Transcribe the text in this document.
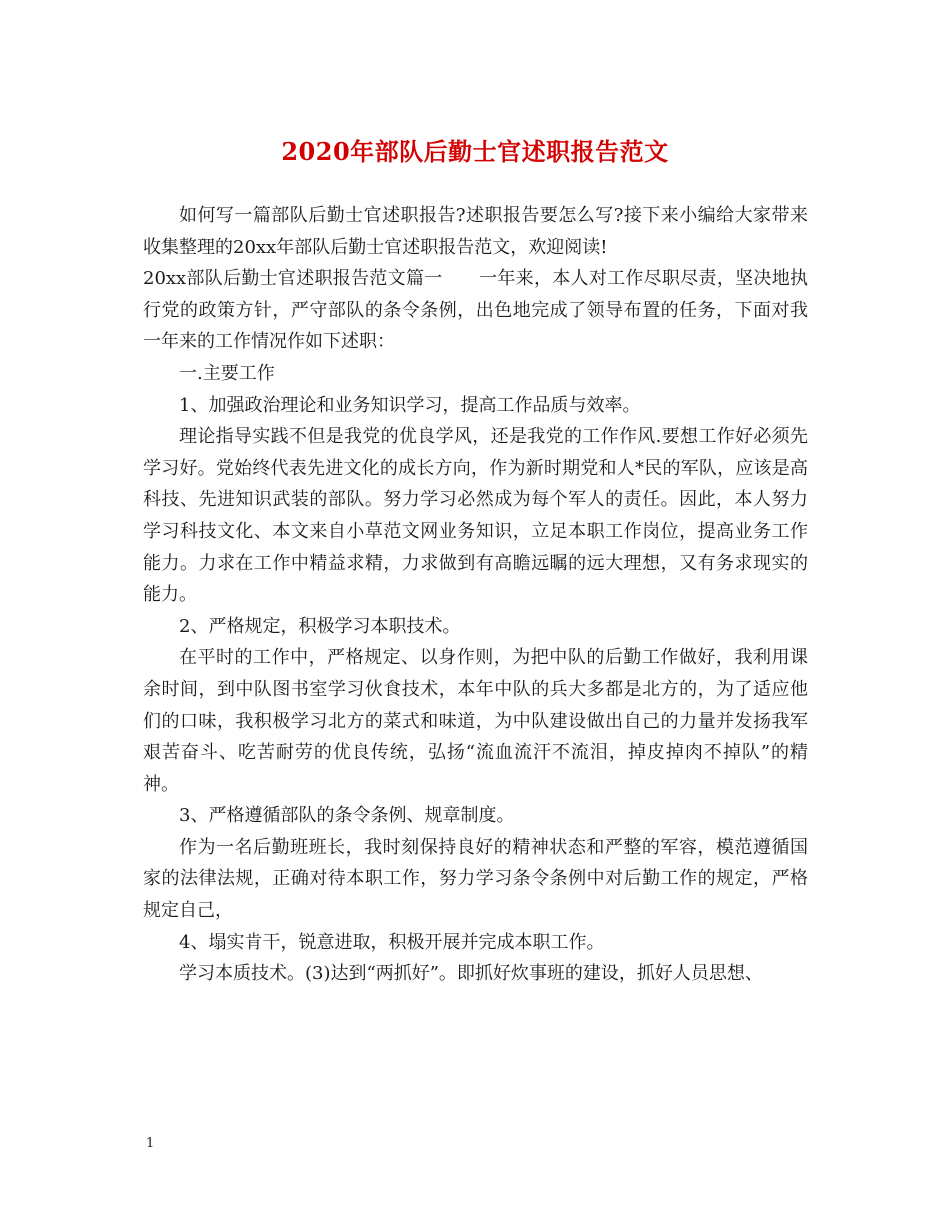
2020年部队后勤士官述职报告范文

如何写一篇部队后勤士官述职报告?述职报告要怎么写?接下来小编给大家带来收集整理的20xx年部队后勤士官述职报告范文，欢迎阅读!

20xx部队后勤士官述职报告范文篇一　　一年来，本人对工作尽职尽责，坚决地执行党的政策方针，严守部队的条令条例，出色地完成了领导布置的任务，下面对我一年来的工作情况作如下述职：

一.主要工作

1、加强政治理论和业务知识学习，提高工作品质与效率。

理论指导实践不但是我党的优良学风，还是我党的工作作风.要想工作好必须先学习好。党始终代表先进文化的成长方向，作为新时期党和人*民的军队，应该是高科技、先进知识武装的部队。努力学习必然成为每个军人的责任。因此，本人努力学习科技文化、本文来自小草范文网业务知识，立足本职工作岗位，提高业务工作能力。力求在工作中精益求精，力求做到有高瞻远瞩的远大理想，又有务求现实的能力。

2、严格规定，积极学习本职技术。

在平时的工作中，严格规定、以身作则，为把中队的后勤工作做好，我利用课余时间，到中队图书室学习伙食技术，本年中队的兵大多都是北方的，为了适应他们的口味，我积极学习北方的菜式和味道，为中队建设做出自己的力量并发扬我军艰苦奋斗、吃苦耐劳的优良传统，弘扬“流血流汗不流泪，掉皮掉肉不掉队”的精神。

3、严格遵循部队的条令条例、规章制度。

作为一名后勤班班长，我时刻保持良好的精神状态和严整的军容，模范遵循国家的法律法规，正确对待本职工作，努力学习条令条例中对后勤工作的规定，严格规定自己，

4、塌实肯干，锐意进取，积极开展并完成本职工作。

学习本质技术。(3)达到“两抓好”。即抓好炊事班的建设，抓好人员思想、

1
